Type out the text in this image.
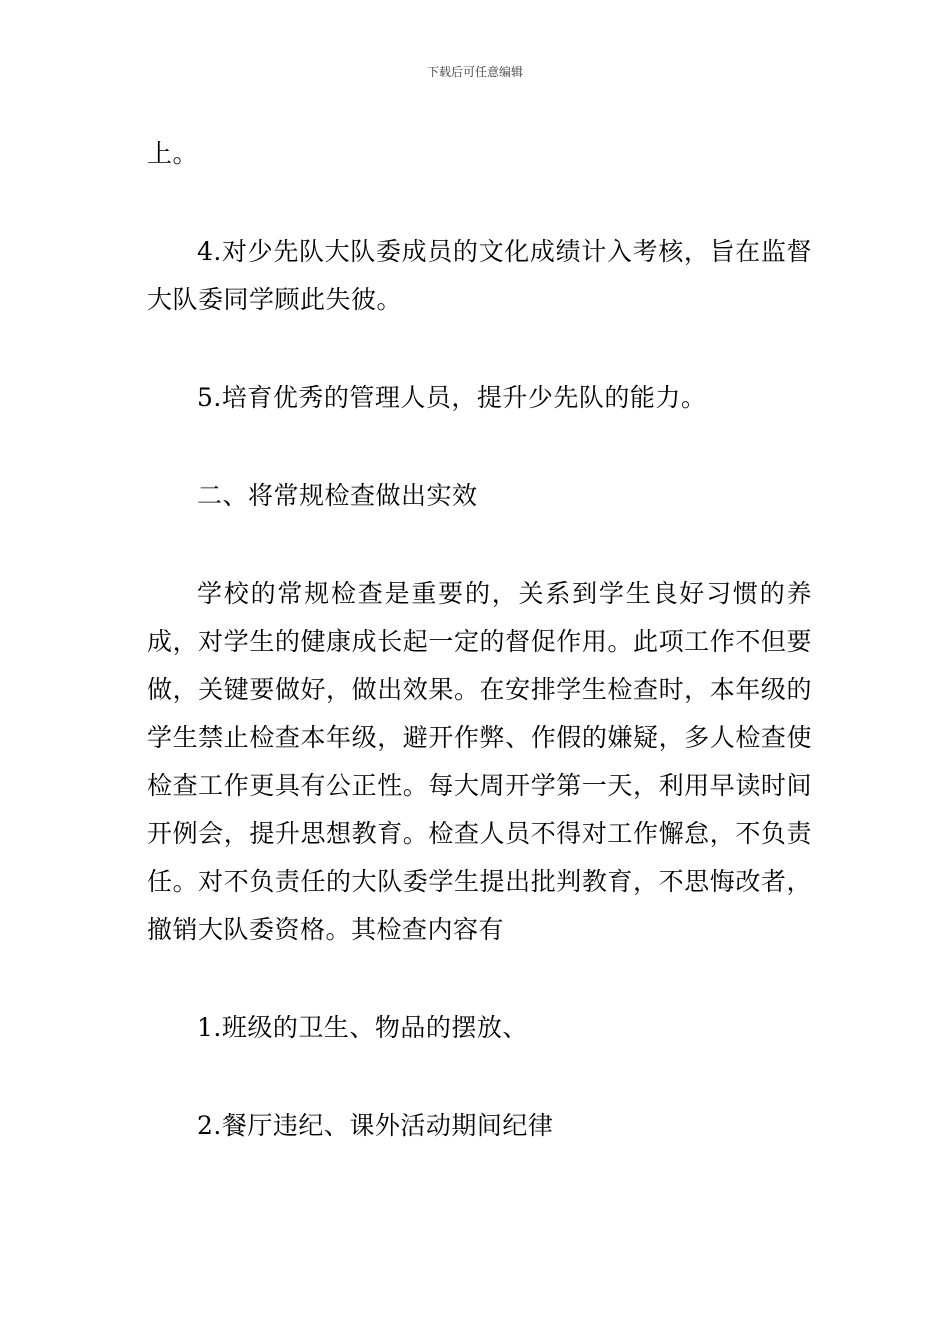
下载后可任意编辑

上。

4.对少先队大队委成员的文化成绩计入考核，旨在监督大队委同学顾此失彼。

5.培育优秀的管理人员，提升少先队的能力。

二、将常规检查做出实效

学校的常规检查是重要的，关系到学生良好习惯的养成，对学生的健康成长起一定的督促作用。此项工作不但要做，关键要做好，做出效果。在安排学生检查时，本年级的学生禁止检查本年级，避开作弊、作假的嫌疑，多人检查使检查工作更具有公正性。每大周开学第一天，利用早读时间开例会，提升思想教育。检查人员不得对工作懈怠，不负责任。对不负责任的大队委学生提出批判教育，不思悔改者，撤销大队委资格。其检查内容有

1.班级的卫生、物品的摆放、

2.餐厅违纪、课外活动期间纪律
